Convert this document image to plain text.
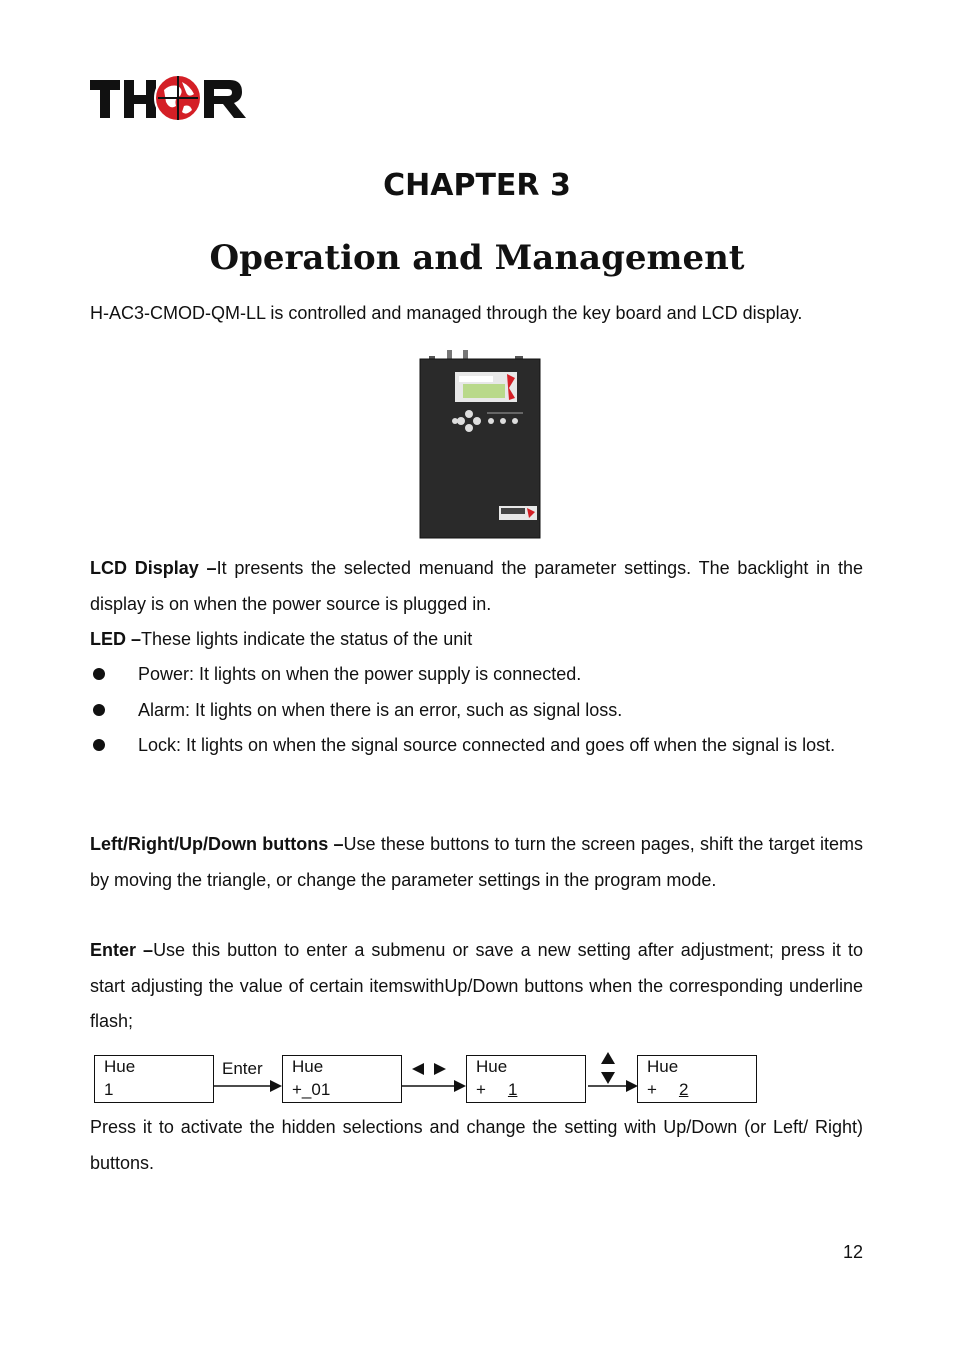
CHAPTER 3
Operation and Management
H-AC3-CMOD-QM-LL is controlled and managed through the key board and LCD display.
LCD Display –It presents the selected menuand the parameter settings. The backlight in the display is on when the power source is plugged in.
LED –These lights indicate the status of the unit
Power: It lights on when the power supply is connected.
Alarm: It lights on when there is an error, such as signal loss.
Lock: It lights on when the signal source connected and goes off when the signal is lost.
Left/Right/Up/Down buttons –Use these buttons to turn the screen pages, shift the target items by moving the triangle, or change the parameter settings in the program mode.
Enter –Use this button to enter a submenu or save a new setting after adjustment; press it to start adjusting the value of certain itemswithUp/Down buttons when the corresponding underline flash;
Hue
1
Enter Hue
+_01
Hue
+ 1
Hue
+ 2
Press it to activate the hidden selections and change the setting with Up/Down (or Left/ Right) buttons.
12
